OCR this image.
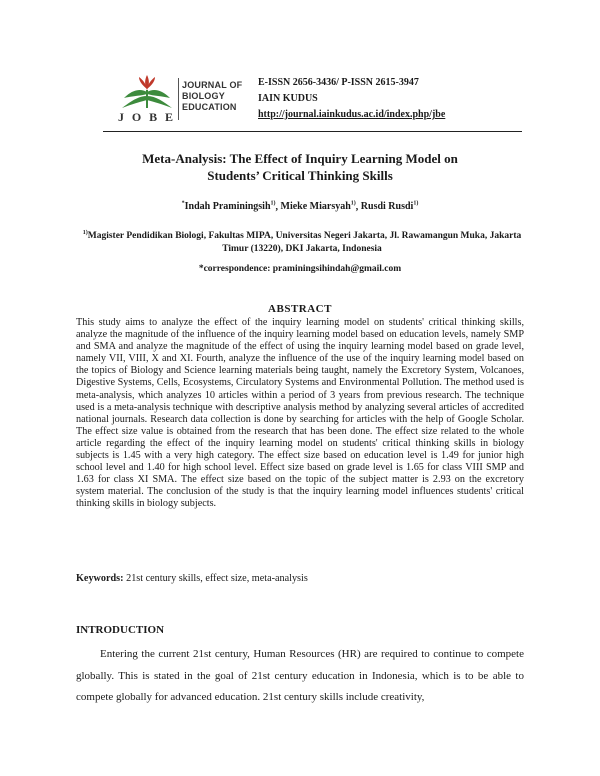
J O B E
JOURNAL OF
BIOLOGY
EDUCATION
E-ISSN 2656-3436/ P-ISSN 2615-3947
IAIN KUDUS
http://journal.iainkudus.ac.id/index.php/jbe
Meta-Analysis: The Effect of Inquiry Learning Model on
Students’ Critical Thinking Skills
*Indah Praminingsih$^{1)}$, Mieke Miarsyah$^{1)}$, Rusdi Rusdi$^{1)}$
$^{1)}$Magister Pendidikan Biologi, Fakultas MIPA, Universitas Negeri Jakarta, Jl. Rawamangun Muka, Jakarta Timur (13220), DKI Jakarta, Indonesia
*correspondence: praminingsihindah@gmail.com
ABSTRACT
This study aims to analyze the effect of the inquiry learning model on students' critical thinking skills, analyze the magnitude of the influence of the inquiry learning model based on education levels, namely SMP and SMA and analyze the magnitude of the effect of using the inquiry learning model based on grade level, namely VII, VIII, X and XI. Fourth, analyze the influence of the use of the inquiry learning model based on the topics of Biology and Science learning materials being taught, namely the Excretory System, Volcanoes, Digestive Systems, Cells, Ecosystems, Circulatory Systems and Environmental Pollution. The method used is meta-analysis, which analyzes 10 articles within a period of 3 years from previous research. The technique used is a meta-analysis technique with descriptive analysis method by analyzing several articles of accredited national journals. Research data collection is done by searching for articles with the help of Google Scholar. The effect size value is obtained from the research that has been done. The effect size related to the whole article regarding the effect of the inquiry learning model on students' critical thinking skills in biology subjects is 1.45 with a very high category. The effect size based on education level is 1.49 for junior high school level and 1.40 for high school level. Effect size based on grade level is 1.65 for class VIII SMP and 1.63 for class XI SMA. The effect size based on the topic of the subject matter is 2.93 on the excretory system material. The conclusion of the study is that the inquiry learning model influences students' critical thinking skills in biology subjects.
Keywords: 21st century skills, effect size, meta-analysis
INTRODUCTION
Entering the current 21st century, Human Resources (HR) are required to continue to compete globally. This is stated in the goal of 21st century education in Indonesia, which is to be able to compete globally for advanced education. 21st century skills include creativity,
